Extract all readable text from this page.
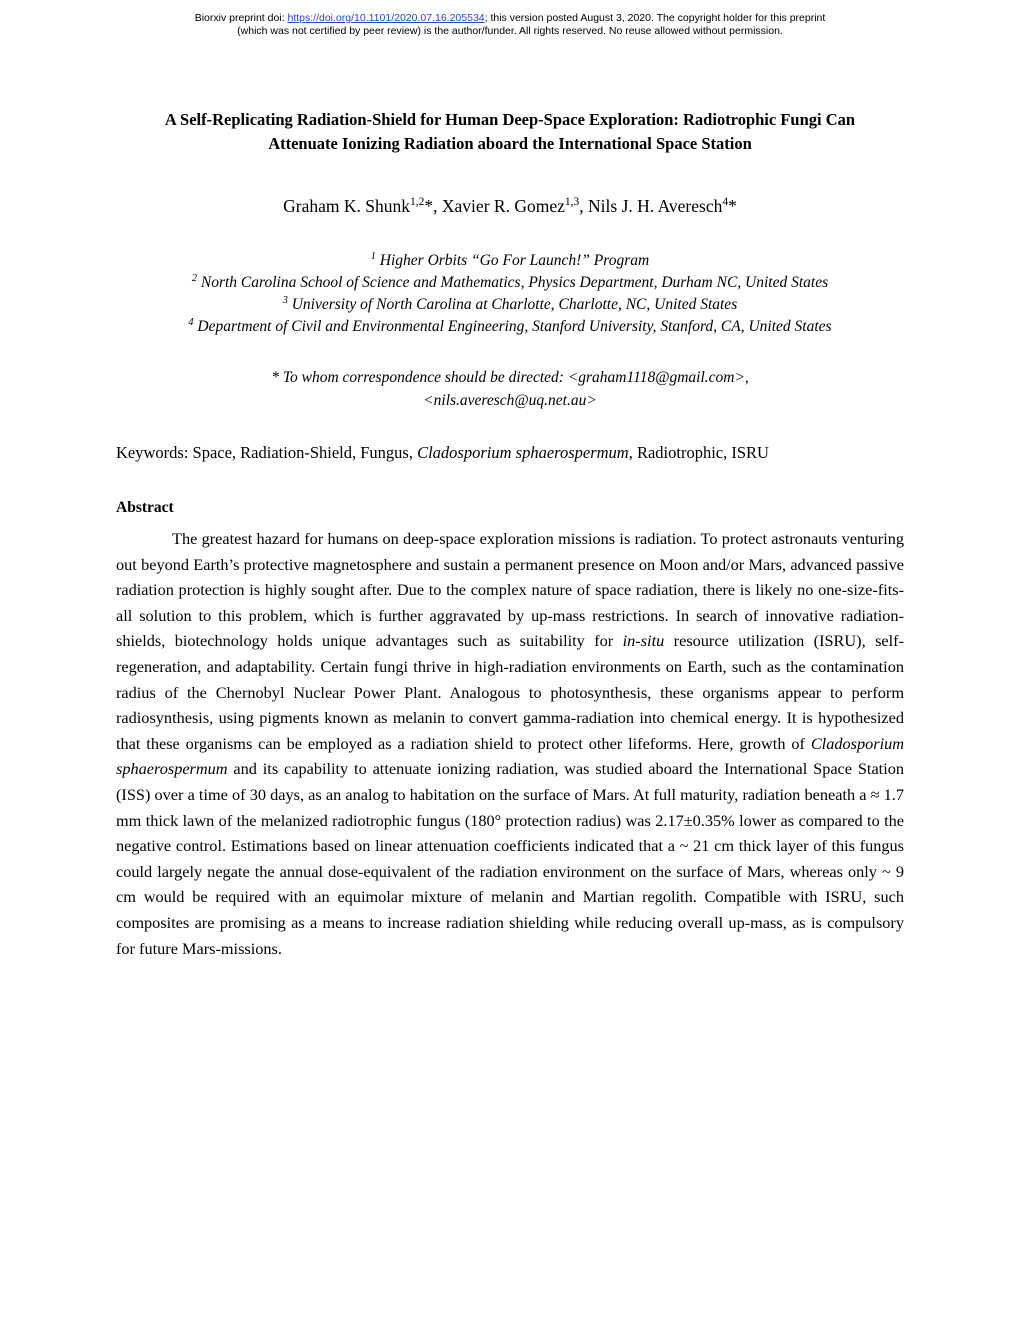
Biorxiv preprint doi: https://doi.org/10.1101/2020.07.16.205534; this version posted August 3, 2020. The copyright holder for this preprint
(which was not certified by peer review) is the author/funder. All rights reserved. No reuse allowed without permission.
A Self-Replicating Radiation-Shield for Human Deep-Space Exploration: Radiotrophic Fungi Can Attenuate Ionizing Radiation aboard the International Space Station
Graham K. Shunk$^{1,2}$*, Xavier R. Gomez$^{1,3}$, Nils J. H. Averesch$^4$*
$^1$ Higher Orbits “Go For Launch!” Program
$^2$ North Carolina School of Science and Mathematics, Physics Department, Durham NC, United States
$^3$ University of North Carolina at Charlotte, Charlotte, NC, United States
$^4$ Department of Civil and Environmental Engineering, Stanford University, Stanford, CA, United States
* To whom correspondence should be directed: <graham1118@gmail.com>,
<nils.averesch@uq.net.au>
Keywords: Space, Radiation-Shield, Fungus, Cladosporium sphaerospermum, Radiotrophic, ISRU
Abstract
The greatest hazard for humans on deep-space exploration missions is radiation. To protect astronauts venturing out beyond Earth’s protective magnetosphere and sustain a permanent presence on Moon and/or Mars, advanced passive radiation protection is highly sought after. Due to the complex nature of space radiation, there is likely no one-size-fits-all solution to this problem, which is further aggravated by up-mass restrictions. In search of innovative radiation-shields, biotechnology holds unique advantages such as suitability for in-situ resource utilization (ISRU), self-regeneration, and adaptability. Certain fungi thrive in high-radiation environments on Earth, such as the contamination radius of the Chernobyl Nuclear Power Plant. Analogous to photosynthesis, these organisms appear to perform radiosynthesis, using pigments known as melanin to convert gamma-radiation into chemical energy. It is hypothesized that these organisms can be employed as a radiation shield to protect other lifeforms. Here, growth of Cladosporium sphaerospermum and its capability to attenuate ionizing radiation, was studied aboard the International Space Station (ISS) over a time of 30 days, as an analog to habitation on the surface of Mars. At full maturity, radiation beneath a ≈ 1.7 mm thick lawn of the melanized radiotrophic fungus (180° protection radius) was 2.17±0.35% lower as compared to the negative control. Estimations based on linear attenuation coefficients indicated that a ~ 21 cm thick layer of this fungus could largely negate the annual dose-equivalent of the radiation environment on the surface of Mars, whereas only ~ 9 cm would be required with an equimolar mixture of melanin and Martian regolith. Compatible with ISRU, such composites are promising as a means to increase radiation shielding while reducing overall up-mass, as is compulsory for future Mars-missions.
